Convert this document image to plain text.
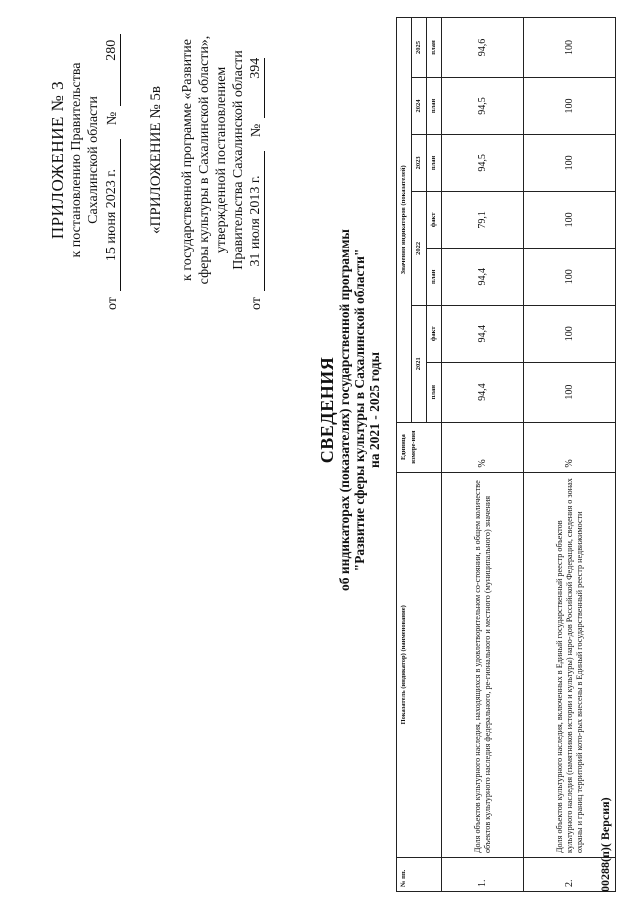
ПРИЛОЖЕНИЕ № 3 к постановлению Правительства Сахалинской области
от
15 июня 2023 г.
№
280
«ПРИЛОЖЕНИЕ № 5в к государственной программе «Развитие сферы культуры в Сахалинской области», утвержденной постановлением Правительства Сахалинской области
от
31 июля 2013 г.
№
394
СВЕДЕНИЯ об индикаторах (показателях) государственной программы "Развитие сферы культуры в Сахалинской области" на 2021 - 2025 годы
№ пп.	Показатель (индикатор) (наименование)	Единица измере-ния	Значения индикаторов (показателей)						
			2021		2022		2023	2024	2025
			план	факт	план	факт	план	план	план
1.	Доля объектов культурного наследия, находящихся в удовлетворительном со-стоянии, в общем количестве объектов культурного наследия федерального, ре-гионального и местного (муниципального) значения	%	94,4	94,4	94,4	79,1	94,5	94,5	94,6
2.	Доля объектов культурного наследия, включенных в Единый государственный реестр объектов культурного наследия (памятников истории и культуры) наро-дов Российской Федерации, сведения о зонах охраны и границ территорий кото-рых внесены в Единый государственный реестр недвижимости	%	100	100	100	100	100	100	100
00288(п)( Версия)
